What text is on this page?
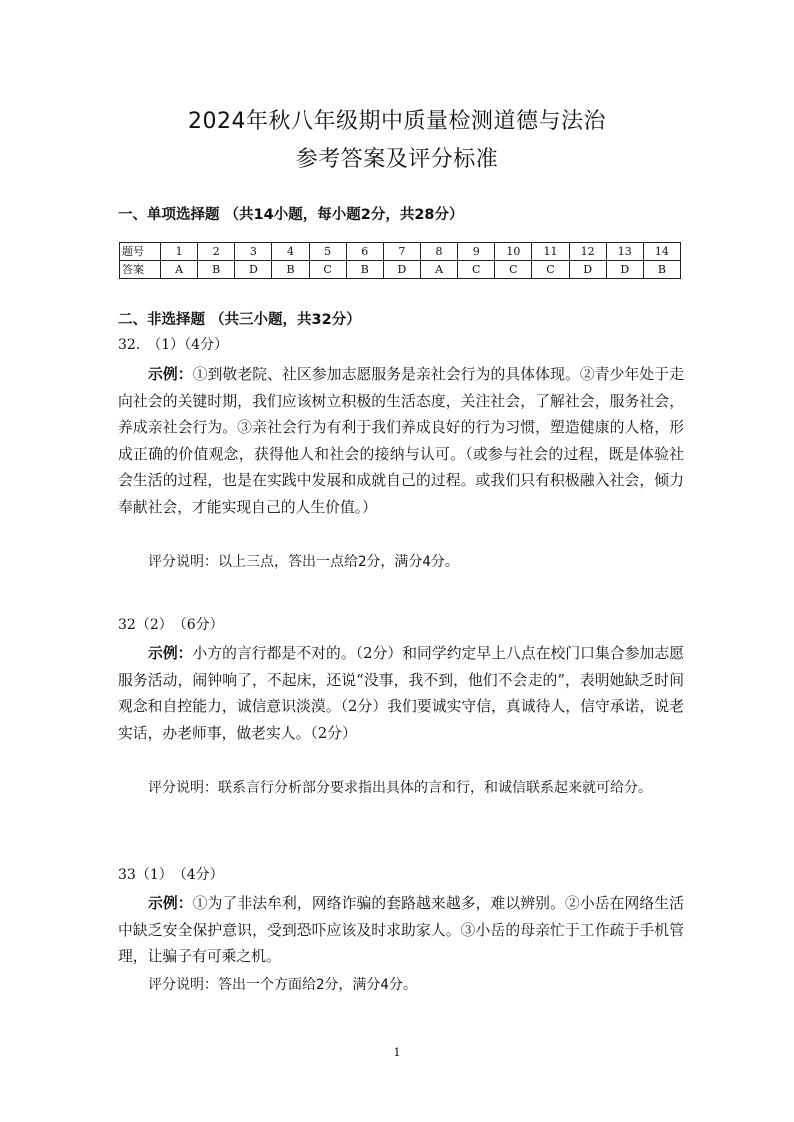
2024年秋八年级期中质量检测道德与法治
参考答案及评分标准
一、单项选择题 （共14小题，每小题2分，共28分）
题号	1	2	3	4	5	6	7	8	9	10	11	12	13	14
答案	A	B	D	B	C	B	D	A	C	C	C	D	D	B
二、非选择题 （共三小题，共32分）
32.　（1）（4分）
示例：①到敬老院、社区参加志愿服务是亲社会行为的具体体现。②青少年处于走向社会的关键时期，我们应该树立积极的生活态度，关注社会，了解社会，服务社会，养成亲社会行为。③亲社会行为有利于我们养成良好的行为习惯，塑造健康的人格，形成正确的价值观念，获得他人和社会的接纳与认可。（或参与社会的过程，既是体验社会生活的过程，也是在实践中发展和成就自己的过程。或我们只有积极融入社会，倾力奉献社会，才能实现自己的人生价值。）
评分说明：以上三点，答出一点给2分，满分4分。
32（2）　（6分）
示例：小方的言行都是不对的。（2分）和同学约定早上八点在校门口集合参加志愿服务活动，闹钟响了，不起床，还说“没事，我不到，他们不会走的”，表明她缺乏时间观念和自控能力，诚信意识淡漠。（2分）我们要诚实守信，真诚待人，信守承诺，说老实话，办老师事，做老实人。（2分）
评分说明：联系言行分析部分要求指出具体的言和行，和诚信联系起来就可给分。
33（1）　（4分）
示例：①为了非法牟利，网络诈骗的套路越来越多，难以辨别。②小岳在网络生活中缺乏安全保护意识，受到恐吓应该及时求助家人。③小岳的母亲忙于工作疏于手机管理，让骗子有可乘之机。
评分说明：答出一个方面给2分，满分4分。
1
